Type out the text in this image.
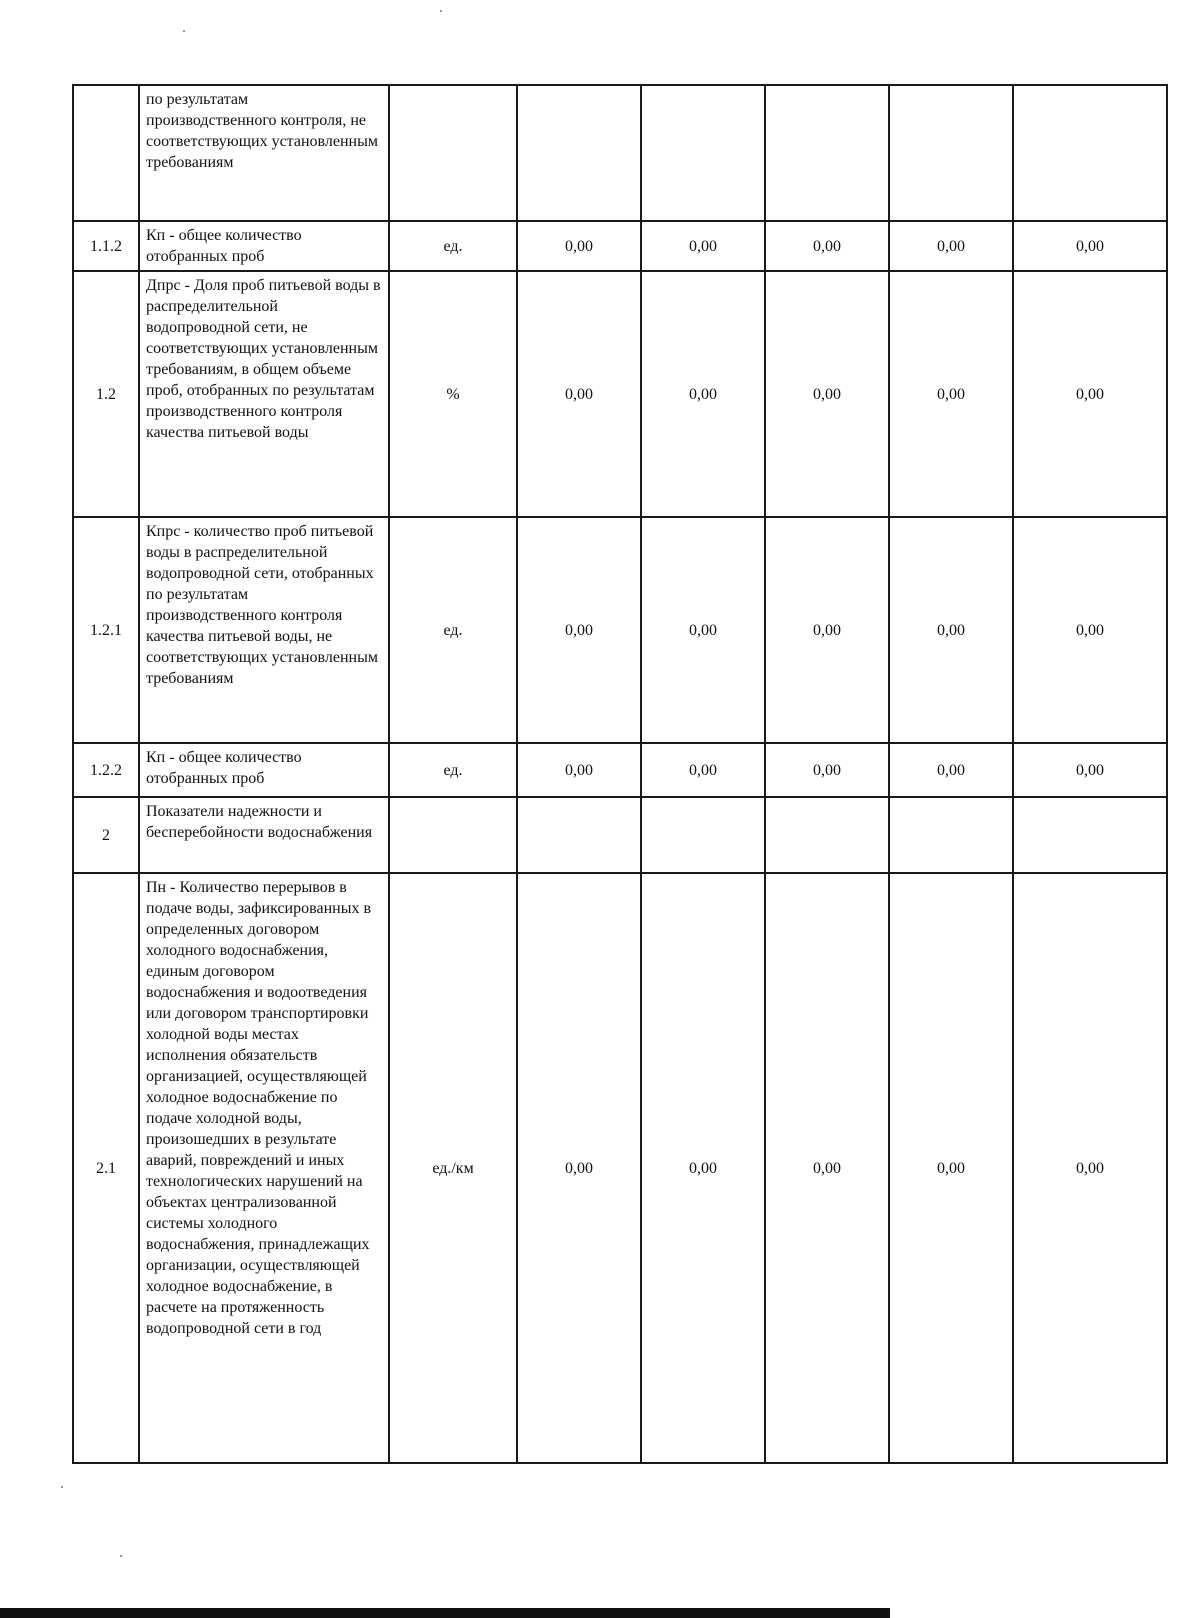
	по результатам производственного контроля, не соответствующих установленным требованиям						
1.1.2	Кп - общее количество отобранных проб	ед.	0,00	0,00	0,00	0,00	0,00
1.2	Дпрс - Доля проб питьевой воды в распределительной водопроводной сети, не соответствующих установленным требованиям, в общем объеме проб, отобранных по результатам производственного контроля качества питьевой воды	%	0,00	0,00	0,00	0,00	0,00
1.2.1	Кпрс - количество проб питьевой воды в распределительной водопроводной сети, отобранных по результатам производственного контроля качества питьевой воды, не соответствующих установленным требованиям	ед.	0,00	0,00	0,00	0,00	0,00
1.2.2	Кп - общее количество отобранных проб	ед.	0,00	0,00	0,00	0,00	0,00
2	Показатели надежности и бесперебойности водоснабжения						
2.1	Пн - Количество перерывов в подаче воды, зафиксированных в определенных договором холодного водоснабжения, единым договором водоснабжения и водоотведения или договором транспортировки холодной воды местах исполнения обязательств организацией, осуществляющей холодное водоснабжение по подаче холодной воды, произошедших в результате аварий, повреждений и иных технологических нарушений на объектах централизованной системы холодного водоснабжения, принадлежащих организации, осуществляющей холодное водоснабжение, в расчете на протяженность водопроводной сети в год	ед./км	0,00	0,00	0,00	0,00	0,00
